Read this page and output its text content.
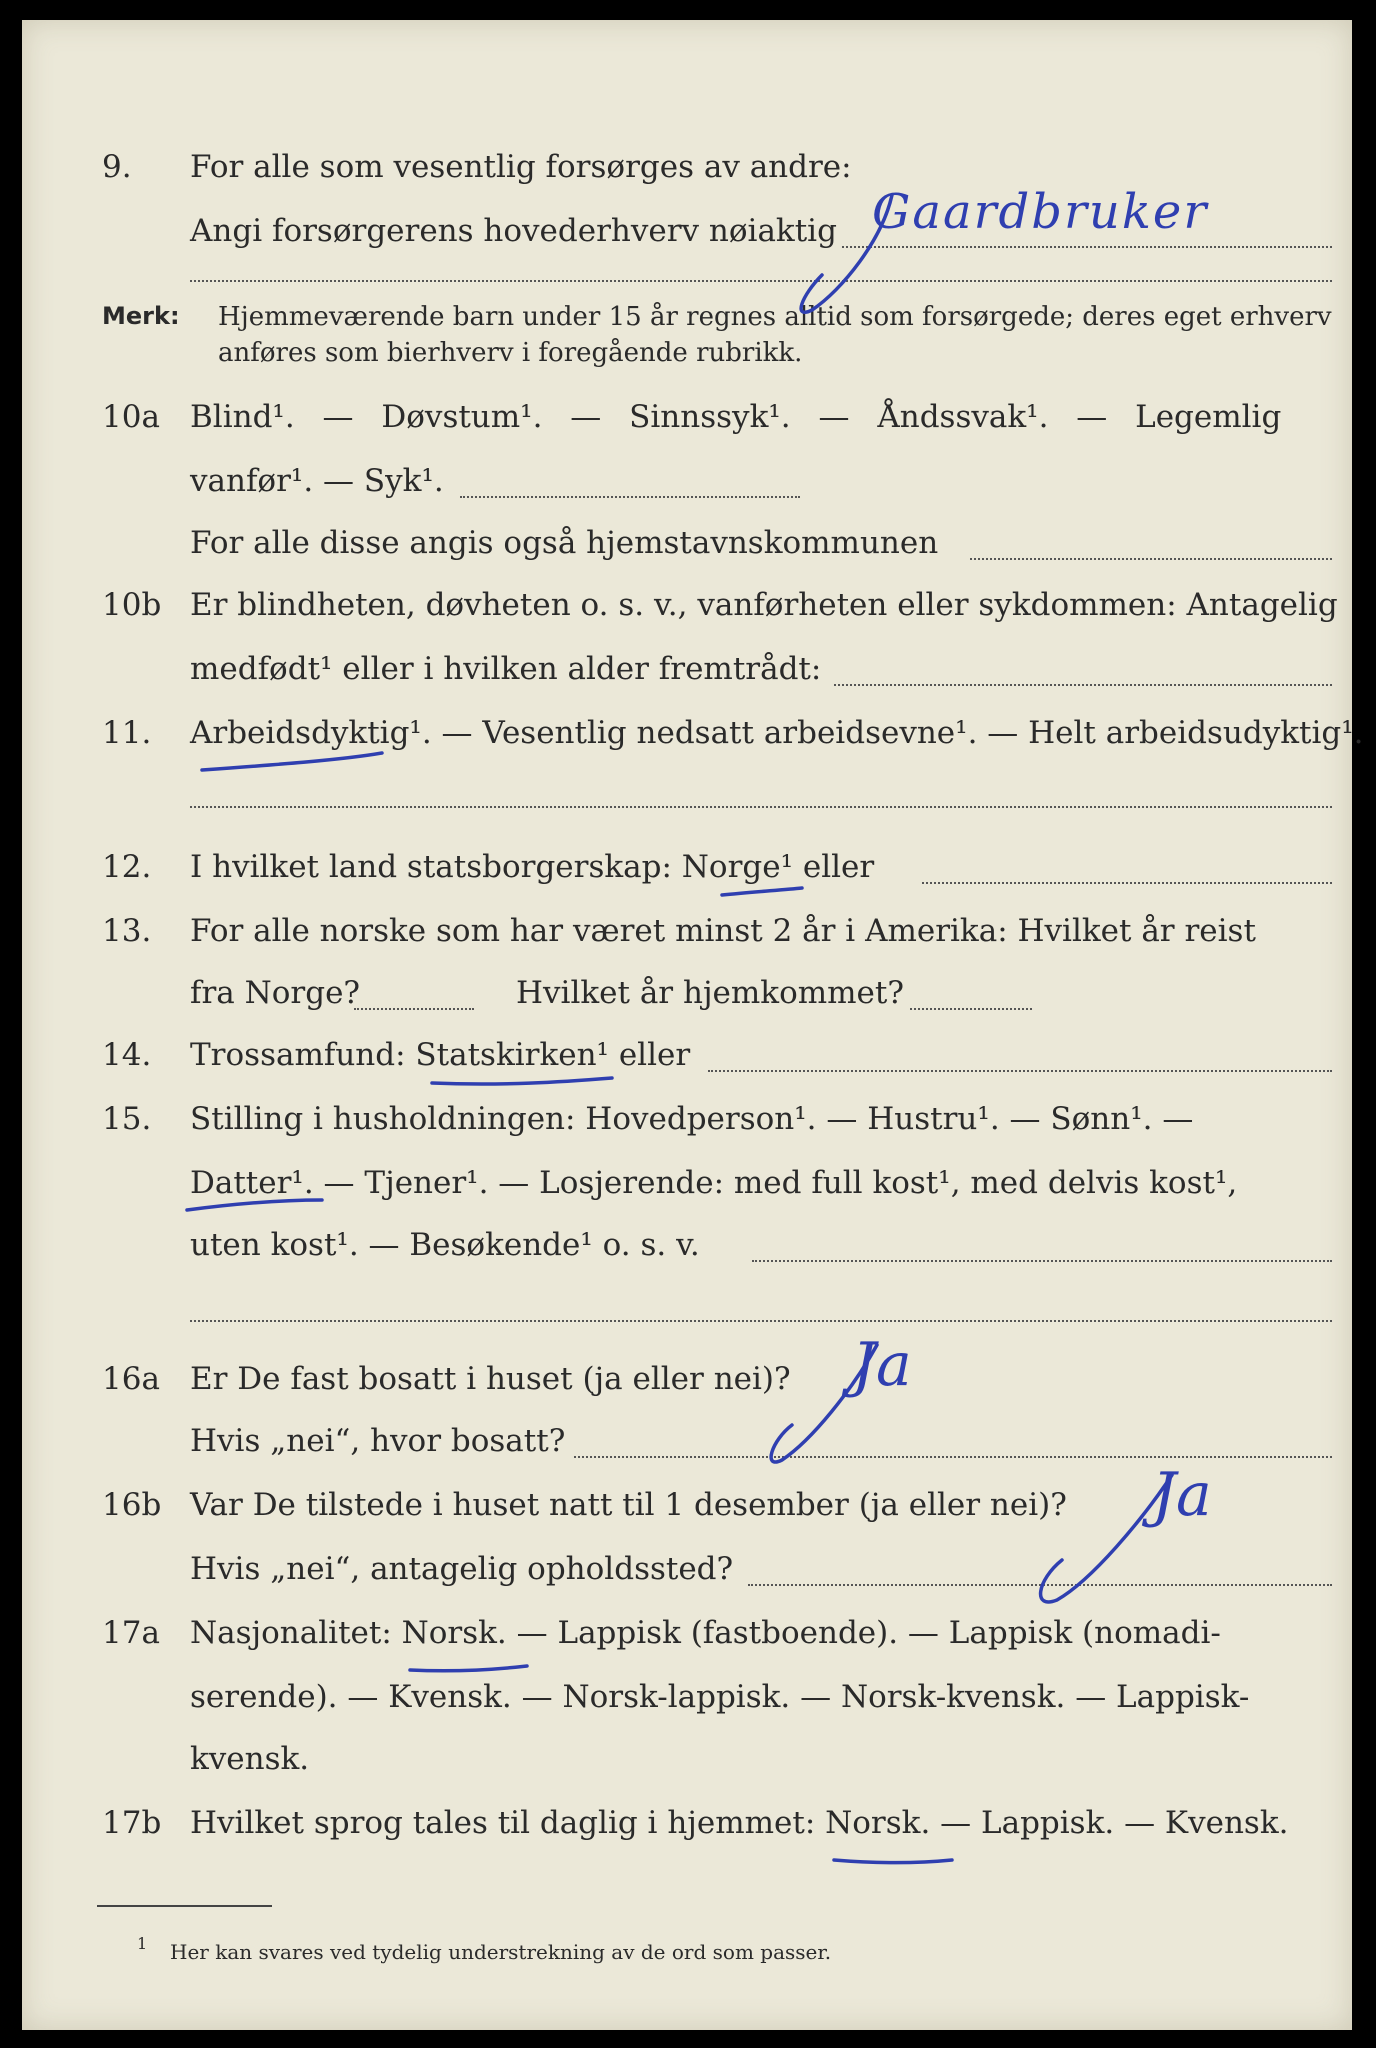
9.	For alle som vesentlig forsørges av andre:
Angi forsørgerens hovederhverv nøiaktig Gaardbruker
Merk: Hjemmeværende barn under 15 år regnes alltid som forsørgede; deres eget erhverv
anføres som bierhverv i foregående rubrikk.
10a Blind¹. — Døvstum¹. — Sinnssyk¹. — Åndssvak¹. — Legemlig
vanfør¹. — Syk¹.
For alle disse angis også hjemstavnskommunen
10b Er blindheten, døvheten o. s. v., vanførheten eller sykdommen: Antagelig
medfødt¹ eller i hvilken alder fremtrådt:
11.	Arbeidsdyktig¹. — Vesentlig nedsatt arbeidsevne¹. — Helt arbeidsudyktig¹.
12.	I hvilket land statsborgerskap: Norge¹ eller
13.	For alle norske som har været minst 2 år i Amerika: Hvilket år reist
fra Norge?	Hvilket år hjemkommet?
14.	Trossamfund: Statskirken¹ eller
15.	Stilling i husholdningen: Hovedperson¹. — Hustru¹. — Sønn¹. —
Datter¹. — Tjener¹. — Losjerende: med full kost¹, med delvis kost¹,
uten kost¹. — Besøkende¹ o. s. v.
16a Er De fast bosatt i huset (ja eller nei)? Ja
Hvis „nei“, hvor bosatt?
16b Var De tilstede i huset natt til 1 desember (ja eller nei)? Ja
Hvis „nei“, antagelig opholdssted?
17a Nasjonalitet: Norsk. — Lappisk (fastboende). — Lappisk (nomadi-
serende). — Kvensk. — Norsk-lappisk. — Norsk-kvensk. — Lappisk-
kvensk.
17b Hvilket sprog tales til daglig i hjemmet: Norsk. — Lappisk. — Kvensk.
1 Her kan svares ved tydelig understrekning av de ord som passer.
